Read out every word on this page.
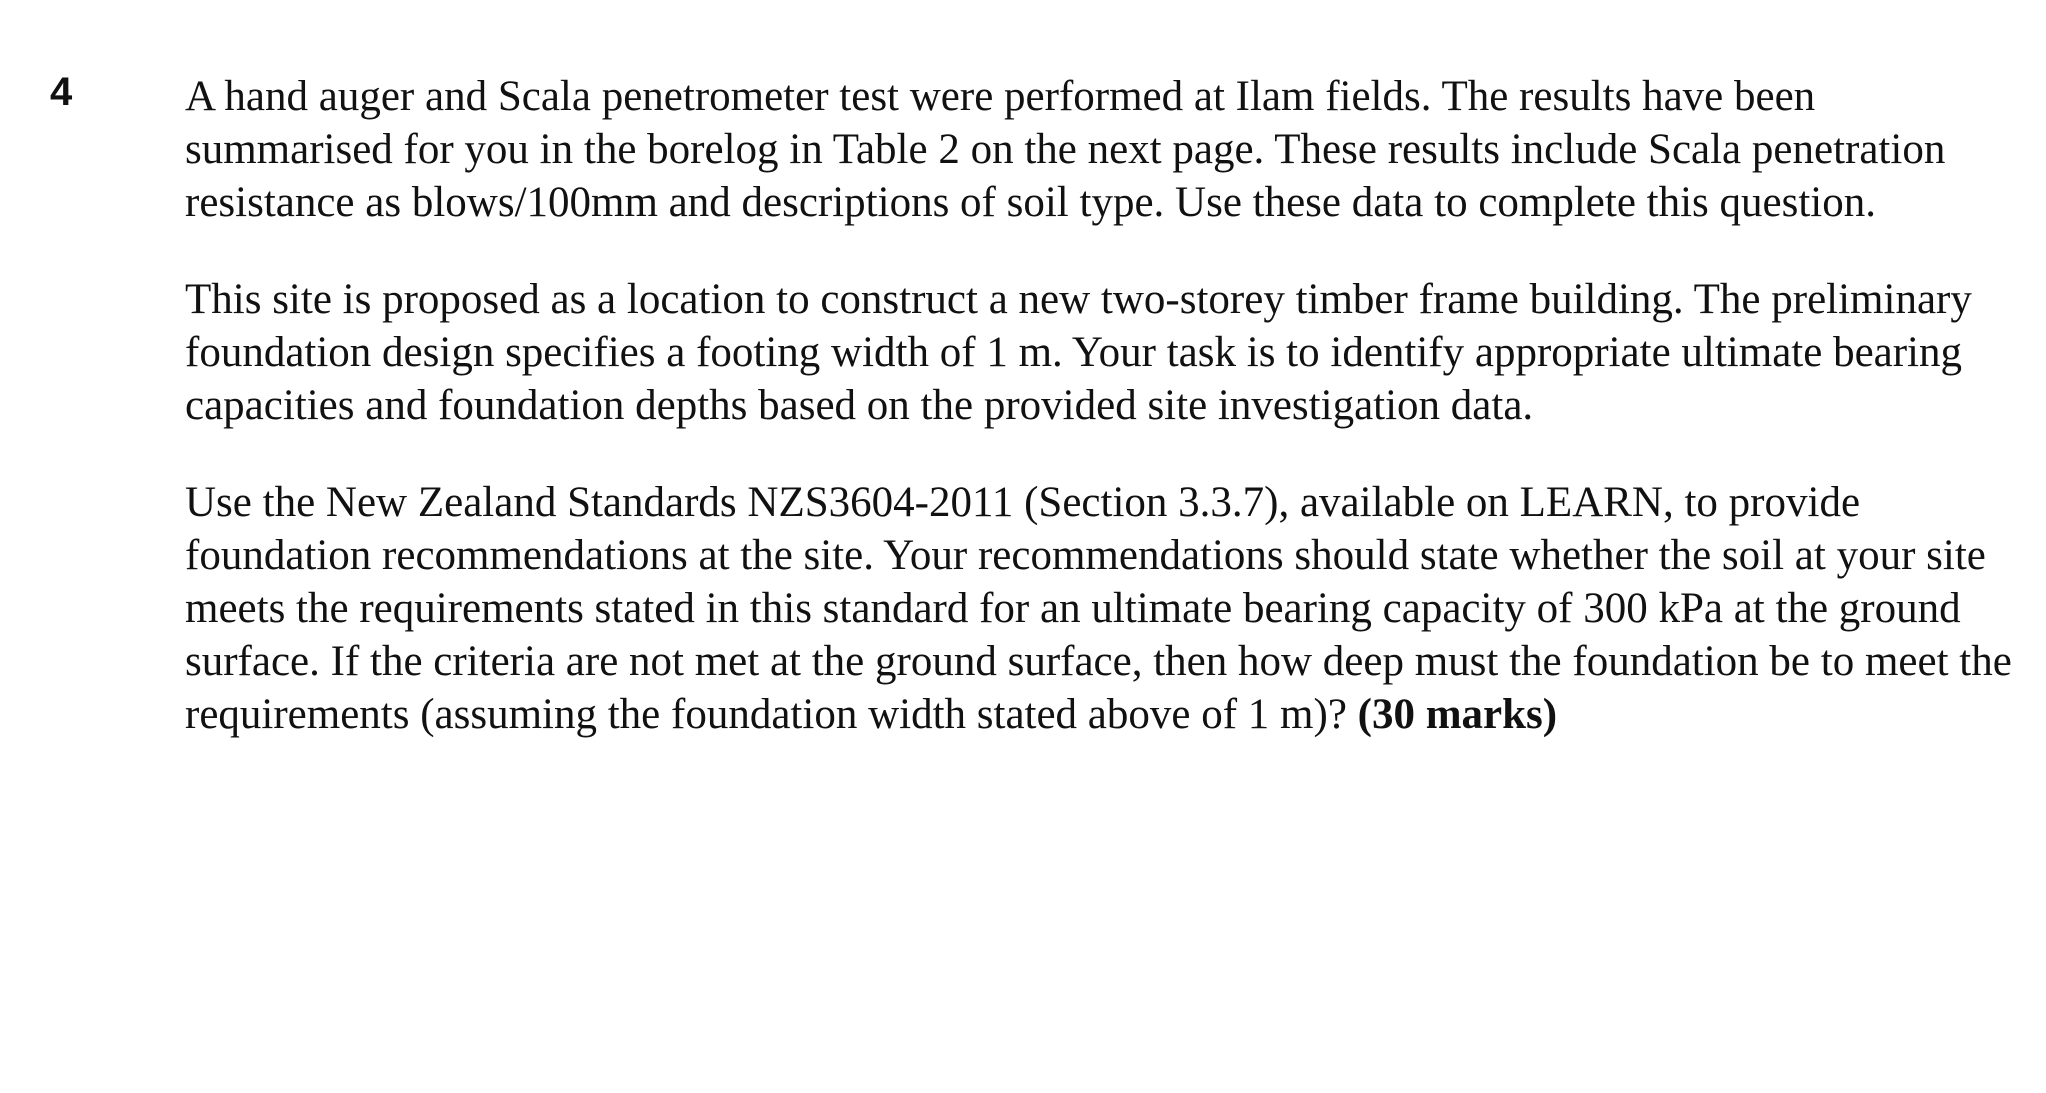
4	A hand auger and Scala penetrometer test were performed at Ilam fields. The results have been summarised for you in the borelog in Table 2 on the next page. These results include Scala penetration resistance as blows/100mm and descriptions of soil type. Use these data to complete this question.

This site is proposed as a location to construct a new two-storey timber frame building. The preliminary foundation design specifies a footing width of 1 m. Your task is to identify appropriate ultimate bearing capacities and foundation depths based on the provided site investigation data.

Use the New Zealand Standards NZS3604-2011 (Section 3.3.7), available on LEARN, to provide foundation recommendations at the site. Your recommendations should state whether the soil at your site meets the requirements stated in this standard for an ultimate bearing capacity of 300 kPa at the ground surface. If the criteria are not met at the ground surface, then how deep must the foundation be to meet the requirements (assuming the foundation width stated above of 1 m)? (30 marks)
